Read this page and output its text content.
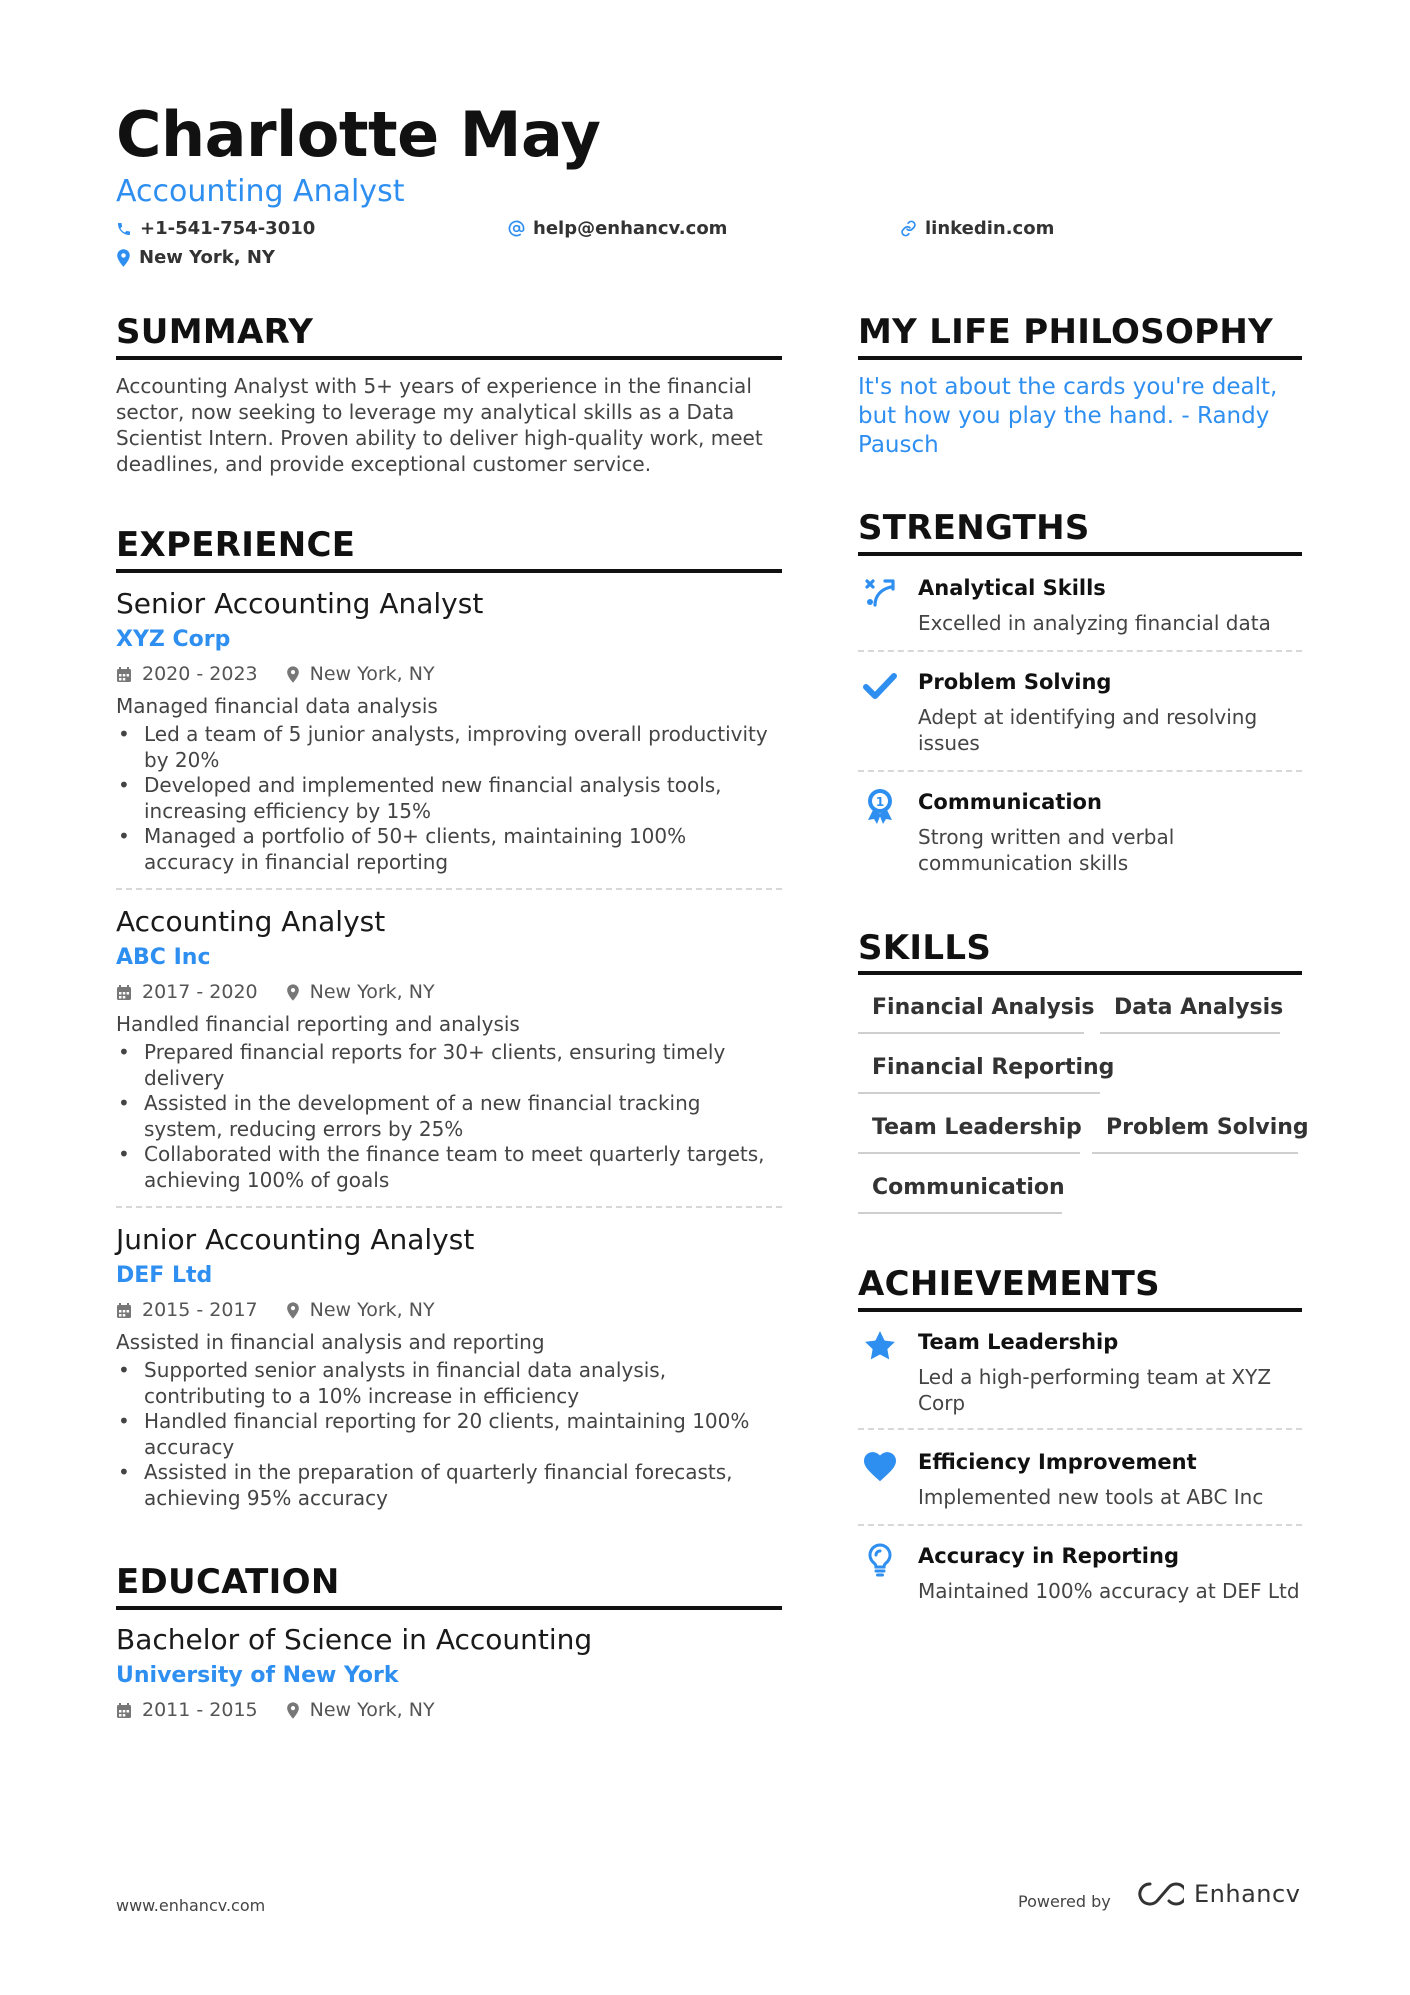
Charlotte May
Accounting Analyst
+1-541-754-3010	help@enhancv.com	linkedin.com
New York, NY
SUMMARY
Accounting Analyst with 5+ years of experience in the financial sector, now seeking to leverage my analytical skills as a Data Scientist Intern. Proven ability to deliver high-quality work, meet deadlines, and provide exceptional customer service.
EXPERIENCE
Senior Accounting Analyst
XYZ Corp
2020 - 2023	New York, NY
Managed financial data analysis
• Led a team of 5 junior analysts, improving overall productivity by 20%
• Developed and implemented new financial analysis tools, increasing efficiency by 15%
• Managed a portfolio of 50+ clients, maintaining 100% accuracy in financial reporting
Accounting Analyst
ABC Inc
2017 - 2020	New York, NY
Handled financial reporting and analysis
• Prepared financial reports for 30+ clients, ensuring timely delivery
• Assisted in the development of a new financial tracking system, reducing errors by 25%
• Collaborated with the finance team to meet quarterly targets, achieving 100% of goals
Junior Accounting Analyst
DEF Ltd
2015 - 2017	New York, NY
Assisted in financial analysis and reporting
• Supported senior analysts in financial data analysis, contributing to a 10% increase in efficiency
• Handled financial reporting for 20 clients, maintaining 100% accuracy
• Assisted in the preparation of quarterly financial forecasts, achieving 95% accuracy
EDUCATION
Bachelor of Science in Accounting
University of New York
2011 - 2015	New York, NY
MY LIFE PHILOSOPHY
It's not about the cards you're dealt, but how you play the hand. - Randy Pausch
STRENGTHS
Analytical Skills
Excelled in analyzing financial data
Problem Solving
Adept at identifying and resolving issues
1 Communication
Strong written and verbal communication skills
SKILLS
Financial Analysis Data Analysis
Financial Reporting
Team Leadership	Problem Solving
Communication
ACHIEVEMENTS
Team Leadership
Led a high-performing team at XYZ Corp
Efficiency Improvement
Implemented new tools at ABC Inc
Accuracy in Reporting
Maintained 100% accuracy at DEF Ltd
www.enhancv.com	Powered by	Enhancv
